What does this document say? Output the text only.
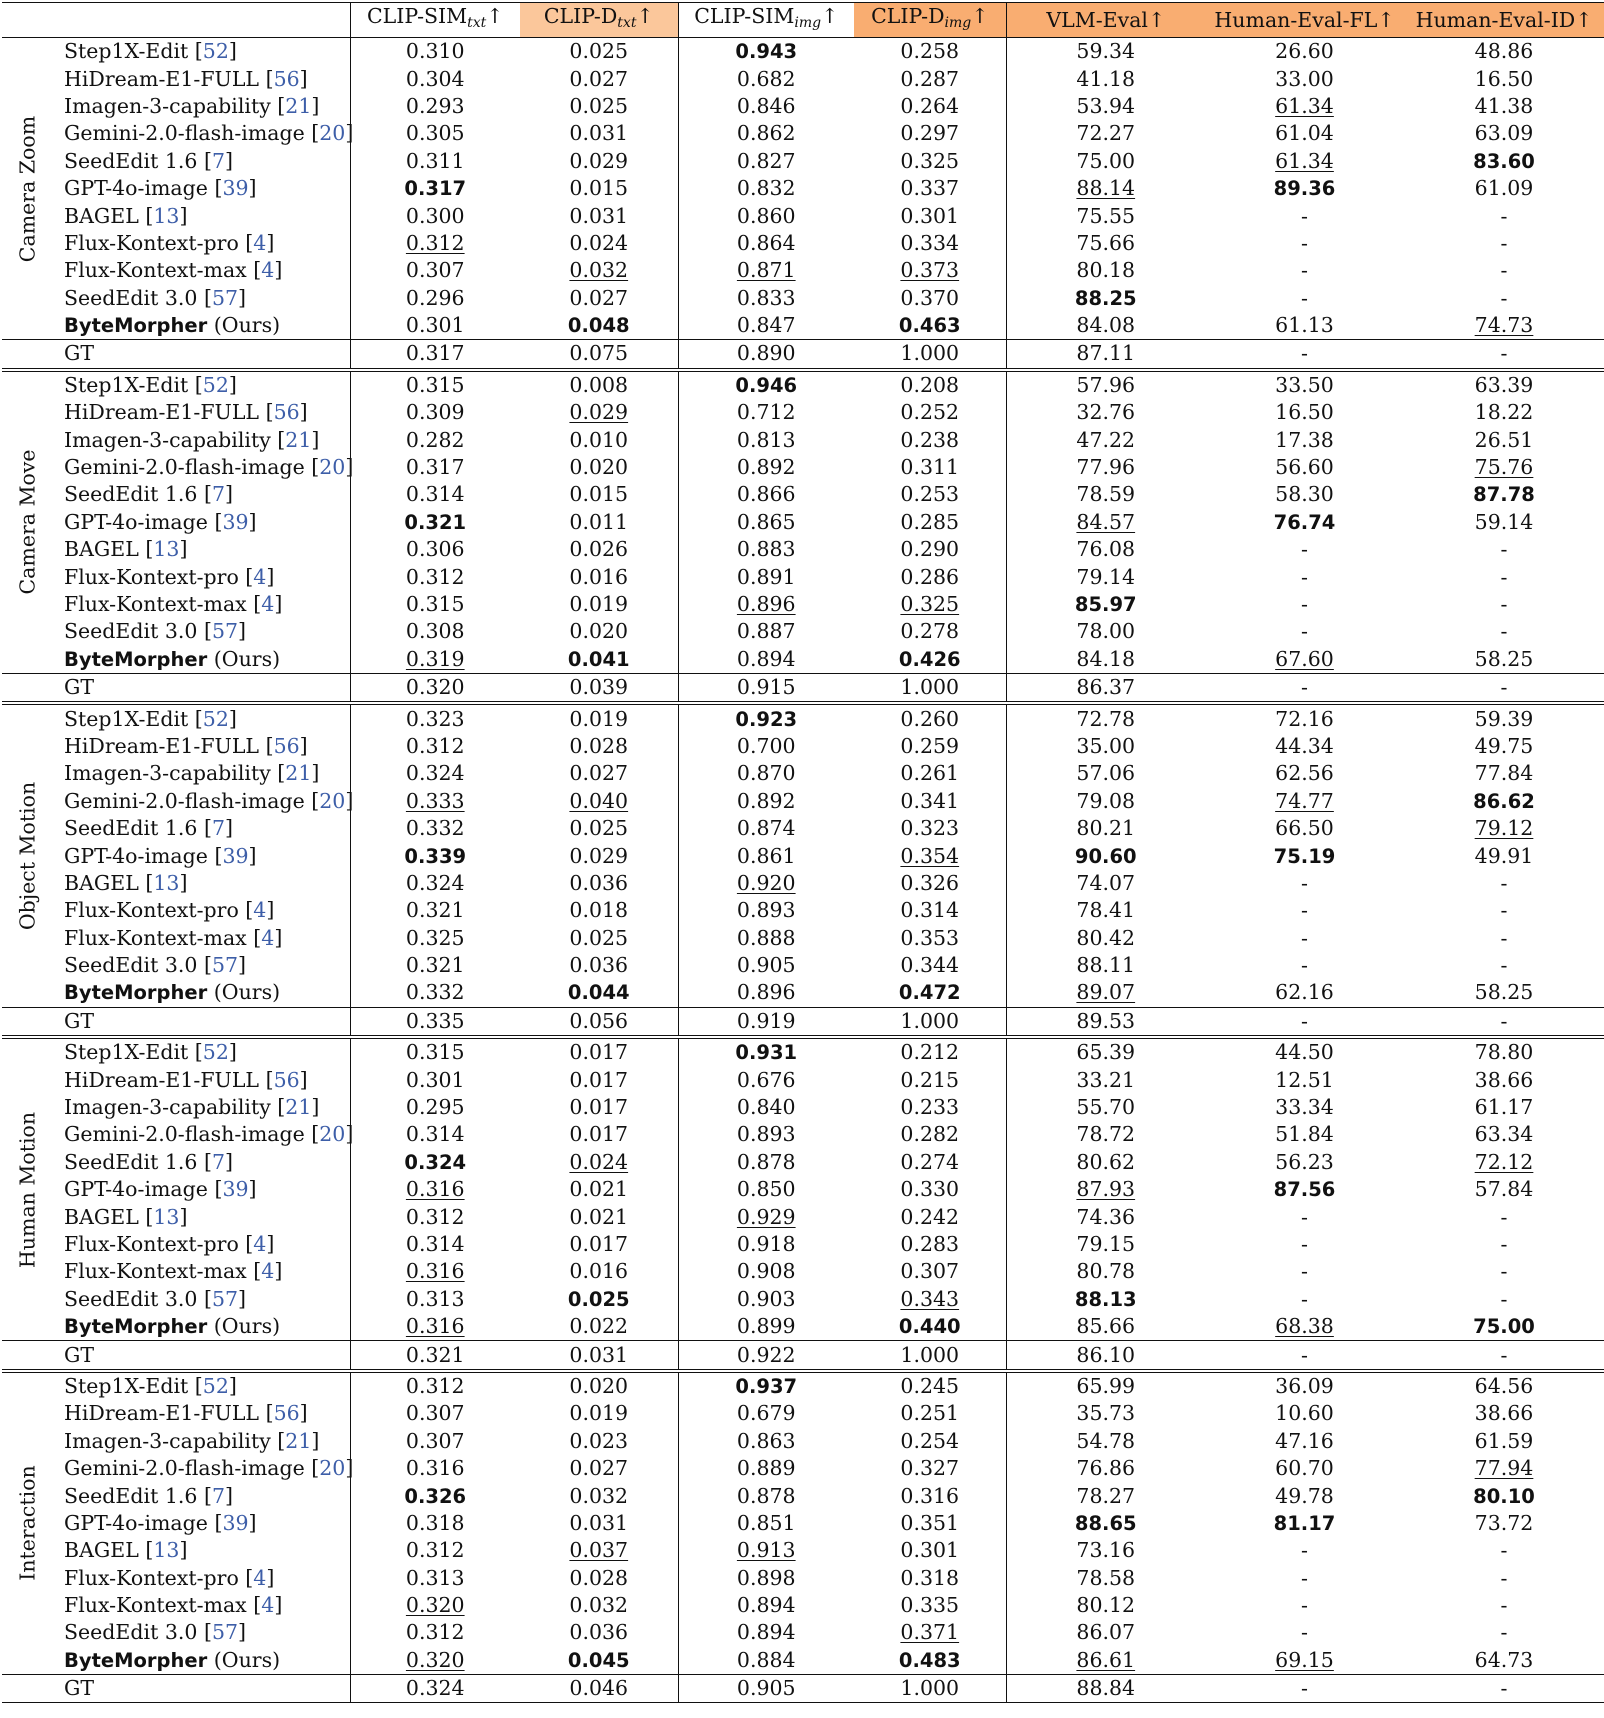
		CLIP-$SIM_{txt}↑$	CLIP-$D_{txt}↑$	CLIP-$SIM_{img}↑$	CLIP-$D_{img}↑$	VLM-Eval↑	Human-Eval-FL↑	Human-Eval-ID↑

Camera Zoom	Step1X-Edit [52]	0.310	0.025	0.943	0.258	59.34	26.60	48.86
	HiDream-E1-FULL [56]	0.304	0.027	0.682	0.287	41.18	33.00	16.50
	Imagen-3-capability [21]	0.293	0.025	0.846	0.264	53.94	61.34	41.38
	Gemini-2.0-flash-image [20]	0.305	0.031	0.862	0.297	72.27	61.04	63.09
	SeedEdit 1.6 [7]	0.311	0.029	0.827	0.325	75.00	61.34	83.60
	GPT-4o-image [39]	0.317	0.015	0.832	0.337	88.14	89.36	61.09
	BAGEL [13]	0.300	0.031	0.860	0.301	75.55	-	-
	Flux-Kontext-pro [4]	0.312	0.024	0.864	0.334	75.66	-	-
	Flux-Kontext-max [4]	0.307	0.032	0.871	0.373	80.18	-	-
	SeedEdit 3.0 [57]	0.296	0.027	0.833	0.370	88.25	-	-
	ByteMorpher (Ours)	0.301	0.048	0.847	0.463	84.08	61.13	74.73
	GT	0.317	0.075	0.890	1.000	87.11	-	-

Camera Move	Step1X-Edit [52]	0.315	0.008	0.946	0.208	57.96	33.50	63.39
	HiDream-E1-FULL [56]	0.309	0.029	0.712	0.252	32.76	16.50	18.22
	Imagen-3-capability [21]	0.282	0.010	0.813	0.238	47.22	17.38	26.51
	Gemini-2.0-flash-image [20]	0.317	0.020	0.892	0.311	77.96	56.60	75.76
	SeedEdit 1.6 [7]	0.314	0.015	0.866	0.253	78.59	58.30	87.78
	GPT-4o-image [39]	0.321	0.011	0.865	0.285	84.57	76.74	59.14
	BAGEL [13]	0.306	0.026	0.883	0.290	76.08	-	-
	Flux-Kontext-pro [4]	0.312	0.016	0.891	0.286	79.14	-	-
	Flux-Kontext-max [4]	0.315	0.019	0.896	0.325	85.97	-	-
	SeedEdit 3.0 [57]	0.308	0.020	0.887	0.278	78.00	-	-
	ByteMorpher (Ours)	0.319	0.041	0.894	0.426	84.18	67.60	58.25
	GT	0.320	0.039	0.915	1.000	86.37	-	-

Object Motion	Step1X-Edit [52]	0.323	0.019	0.923	0.260	72.78	72.16	59.39
	HiDream-E1-FULL [56]	0.312	0.028	0.700	0.259	35.00	44.34	49.75
	Imagen-3-capability [21]	0.324	0.027	0.870	0.261	57.06	62.56	77.84
	Gemini-2.0-flash-image [20]	0.333	0.040	0.892	0.341	79.08	74.77	86.62
	SeedEdit 1.6 [7]	0.332	0.025	0.874	0.323	80.21	66.50	79.12
	GPT-4o-image [39]	0.339	0.029	0.861	0.354	90.60	75.19	49.91
	BAGEL [13]	0.324	0.036	0.920	0.326	74.07	-	-
	Flux-Kontext-pro [4]	0.321	0.018	0.893	0.314	78.41	-	-
	Flux-Kontext-max [4]	0.325	0.025	0.888	0.353	80.42	-	-
	SeedEdit 3.0 [57]	0.321	0.036	0.905	0.344	88.11	-	-
	ByteMorpher (Ours)	0.332	0.044	0.896	0.472	89.07	62.16	58.25
	GT	0.335	0.056	0.919	1.000	89.53	-	-

Human Motion	Step1X-Edit [52]	0.315	0.017	0.931	0.212	65.39	44.50	78.80
	HiDream-E1-FULL [56]	0.301	0.017	0.676	0.215	33.21	12.51	38.66
	Imagen-3-capability [21]	0.295	0.017	0.840	0.233	55.70	33.34	61.17
	Gemini-2.0-flash-image [20]	0.314	0.017	0.893	0.282	78.72	51.84	63.34
	SeedEdit 1.6 [7]	0.324	0.024	0.878	0.274	80.62	56.23	72.12
	GPT-4o-image [39]	0.316	0.021	0.850	0.330	87.93	87.56	57.84
	BAGEL [13]	0.312	0.021	0.929	0.242	74.36	-	-
	Flux-Kontext-pro [4]	0.314	0.017	0.918	0.283	79.15	-	-
	Flux-Kontext-max [4]	0.316	0.016	0.908	0.307	80.78	-	-
	SeedEdit 3.0 [57]	0.313	0.025	0.903	0.343	88.13	-	-
	ByteMorpher (Ours)	0.316	0.022	0.899	0.440	85.66	68.38	75.00
	GT	0.321	0.031	0.922	1.000	86.10	-	-

Interaction	Step1X-Edit [52]	0.312	0.020	0.937	0.245	65.99	36.09	64.56
	HiDream-E1-FULL [56]	0.307	0.019	0.679	0.251	35.73	10.60	38.66
	Imagen-3-capability [21]	0.307	0.023	0.863	0.254	54.78	47.16	61.59
	Gemini-2.0-flash-image [20]	0.316	0.027	0.889	0.327	76.86	60.70	77.94
	SeedEdit 1.6 [7]	0.326	0.032	0.878	0.316	78.27	49.78	80.10
	GPT-4o-image [39]	0.318	0.031	0.851	0.351	88.65	81.17	73.72
	BAGEL [13]	0.312	0.037	0.913	0.301	73.16	-	-
	Flux-Kontext-pro [4]	0.313	0.028	0.898	0.318	78.58	-	-
	Flux-Kontext-max [4]	0.320	0.032	0.894	0.335	80.12	-	-
	SeedEdit 3.0 [57]	0.312	0.036	0.894	0.371	86.07	-	-
	ByteMorpher (Ours)	0.320	0.045	0.884	0.483	86.61	69.15	64.73
	GT	0.324	0.046	0.905	1.000	88.84	-	-
